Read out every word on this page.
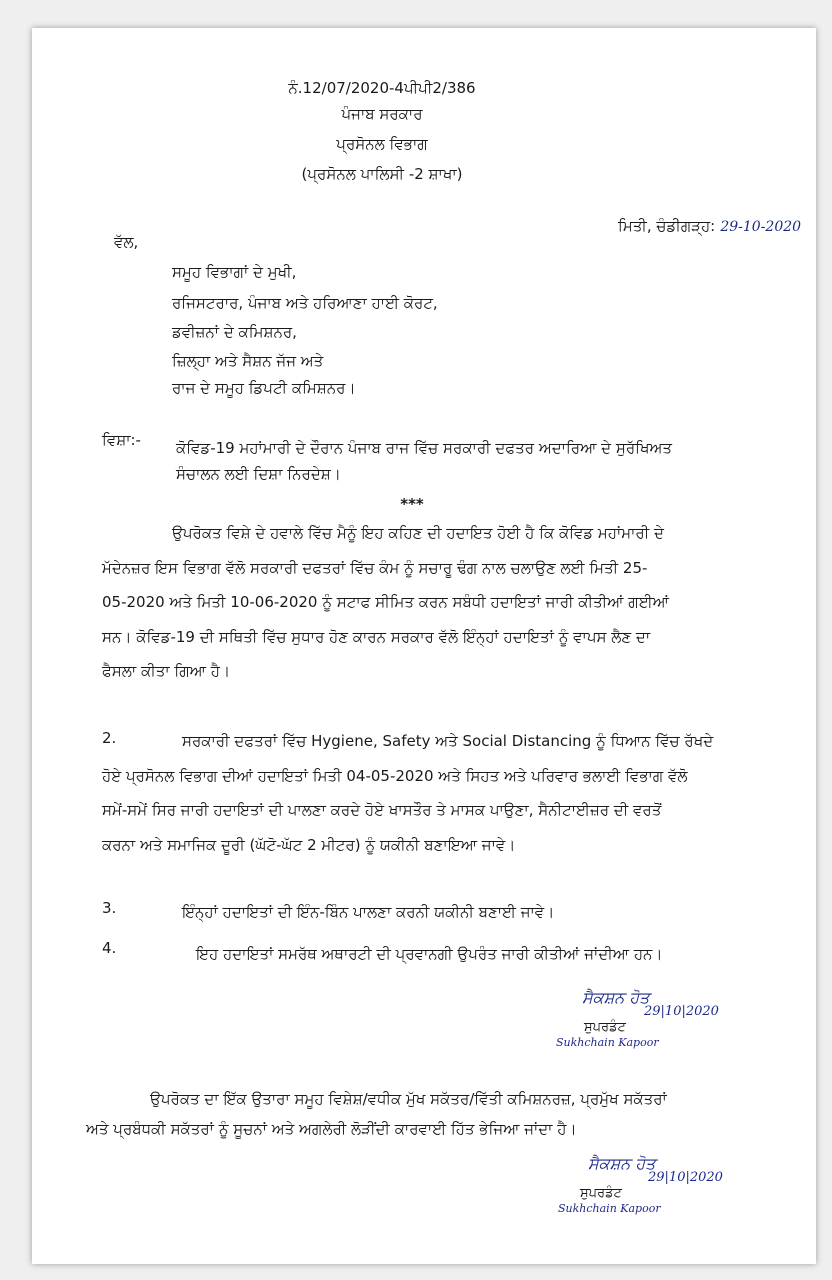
ਨੰ.12/07/2020-4ਪੀਪੀ2/386
ਪੰਜਾਬ ਸਰਕਾਰ
ਪ੍ਰਸੋਨਲ ਵਿਭਾਗ
(ਪ੍ਰਸੋਨਲ ਪਾਲਿਸੀ -2 ਸ਼ਾਖਾ)
ਮਿਤੀ, ਚੰਡੀਗੜ੍ਹ: 29-10-2020
ਵੱਲ,
ਸਮੂਹ ਵਿਭਾਗਾਂ ਦੇ ਮੁਖੀ,
ਰਜਿਸਟਰਾਰ, ਪੰਜਾਬ ਅਤੇ ਹਰਿਆਣਾ ਹਾਈ ਕੋਰਟ,
ਡਵੀਜ਼ਨਾਂ ਦੇ ਕਮਿਸ਼ਨਰ,
ਜ਼ਿਲ੍ਹਾ ਅਤੇ ਸੈਸ਼ਨ ਜੱਜ ਅਤੇ
ਰਾਜ ਦੇ ਸਮੂਹ ਡਿਪਟੀ ਕਮਿਸ਼ਨਰ।
ਵਿਸ਼ਾ:- ਕੋਵਿਡ-19 ਮਹਾਂਮਾਰੀ ਦੇ ਦੌਰਾਨ ਪੰਜਾਬ ਰਾਜ ਵਿੱਚ ਸਰਕਾਰੀ ਦਫਤਰ ਅਦਾਰਿਆ ਦੇ ਸੁਰੱਖਿਅਤ
ਸੰਚਾਲਨ ਲਈ ਦਿਸ਼ਾ ਨਿਰਦੇਸ਼।
***
ਉਪਰੋਕਤ ਵਿਸ਼ੇ ਦੇ ਹਵਾਲੇ ਵਿੱਚ ਮੈਨੂੰ ਇਹ ਕਹਿਣ ਦੀ ਹਦਾਇਤ ਹੋਈ ਹੈ ਕਿ ਕੋਵਿਡ ਮਹਾਂਮਾਰੀ ਦੇ
ਮੱਦੇਨਜ਼ਰ ਇਸ ਵਿਭਾਗ ਵੱਲੋ ਸਰਕਾਰੀ ਦਫਤਰਾਂ ਵਿੱਚ ਕੰਮ ਨੂੰ ਸਚਾਰੂ ਢੰਗ ਨਾਲ ਚਲਾਉਣ ਲਈ ਮਿਤੀ 25-
05-2020 ਅਤੇ ਮਿਤੀ 10-06-2020 ਨੂੰ ਸਟਾਫ ਸੀਮਿਤ ਕਰਨ ਸਬੰਧੀ ਹਦਾਇਤਾਂ ਜਾਰੀ ਕੀਤੀਆਂ ਗਈਆਂ
ਸਨ। ਕੋਵਿਡ-19 ਦੀ ਸਥਿਤੀ ਵਿੱਚ ਸੁਧਾਰ ਹੋਣ ਕਾਰਨ ਸਰਕਾਰ ਵੱਲੋ ਇੰਨ੍ਹਾਂ ਹਦਾਇਤਾਂ ਨੂੰ ਵਾਪਸ ਲੈਣ ਦਾ
ਫੈਸਲਾ ਕੀਤਾ ਗਿਆ ਹੈ।
2.	ਸਰਕਾਰੀ ਦਫਤਰਾਂ ਵਿੱਚ Hygiene, Safety ਅਤੇ Social Distancing ਨੂੰ ਧਿਆਨ ਵਿੱਚ ਰੱਖਦੇ
ਹੋਏ ਪ੍ਰਸੋਨਲ ਵਿਭਾਗ ਦੀਆਂ ਹਦਾਇਤਾਂ ਮਿਤੀ 04-05-2020 ਅਤੇ ਸਿਹਤ ਅਤੇ ਪਰਿਵਾਰ ਭਲਾਈ ਵਿਭਾਗ ਵੱਲੋ
ਸਮੇਂ-ਸਮੇਂ ਸਿਰ ਜਾਰੀ ਹਦਾਇਤਾਂ ਦੀ ਪਾਲਣਾ ਕਰਦੇ ਹੋਏ ਖਾਸਤੌਰ ਤੇ ਮਾਸਕ ਪਾਉਣਾ, ਸੈਨੀਟਾਈਜ਼ਰ ਦੀ ਵਰਤੋਂ
ਕਰਨਾ ਅਤੇ ਸਮਾਜਿਕ ਦੂਰੀ (ਘੱਟੋ-ਘੱਟ 2 ਮੀਟਰ) ਨੂੰ ਯਕੀਨੀ ਬਣਾਇਆ ਜਾਵੇ।
3.	ਇੰਨ੍ਹਾਂ ਹਦਾਇਤਾਂ ਦੀ ਇੰਨ-ਬਿੰਨ ਪਾਲਣਾ ਕਰਨੀ ਯਕੀਨੀ ਬਣਾਈ ਜਾਵੇ।
4.	ਇਹ ਹਦਾਇਤਾਂ ਸਮਰੱਥ ਅਥਾਰਟੀ ਦੀ ਪ੍ਰਵਾਨਗੀ ਉਪਰੰਤ ਜਾਰੀ ਕੀਤੀਆਂ ਜਾਂਦੀਆ ਹਨ।
ਸੈਕਸ਼ਨ ਹੋਤ
29|10|2020
ਸੁਪਰਡੰਟ
Sukhchain Kapoor
ਉਪਰੋਕਤ ਦਾ ਇੱਕ ਉਤਾਰਾ ਸਮੂਹ ਵਿਸ਼ੇਸ਼/ਵਧੀਕ ਮੁੱਖ ਸਕੱਤਰ/ਵਿੱਤੀ ਕਮਿਸ਼ਨਰਜ਼, ਪ੍ਰਮੁੱਖ ਸਕੱਤਰਾਂ
ਅਤੇ ਪ੍ਰਬੰਧਕੀ ਸਕੱਤਰਾਂ ਨੂੰ ਸੂਚਨਾਂ ਅਤੇ ਅਗਲੇਰੀ ਲੋੜੀਂਦੀ ਕਾਰਵਾਈ ਹਿੱਤ ਭੇਜਿਆ ਜਾਂਦਾ ਹੈ।
ਸੈਕਸ਼ਨ ਹੋਤ
29|10|2020
ਸੁਪਰਡੰਟ
Sukhchain Kapoor
